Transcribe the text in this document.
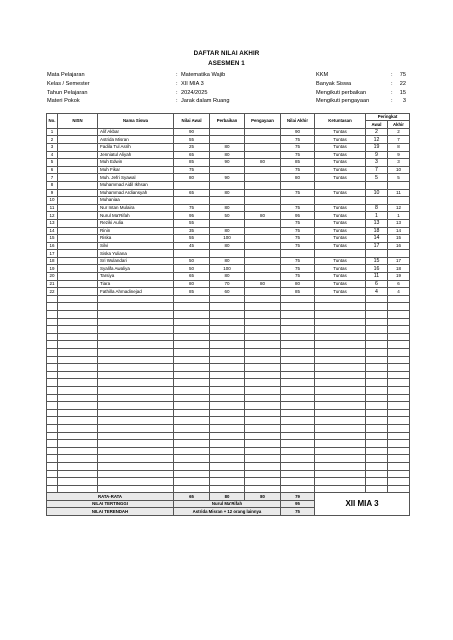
DAFTAR NILAI AKHIR
ASESMEN 1
Mata Pelajaran	: Matematika Wajib
Kelas / Semester	: XII MIA 3
Tahun Pelajaran	: 2024/2025
Materi Pokok	: Jarak dalam Ruang
KKM	: 75
Banyak Siswa	: 22
Mengikuti perbaikan	: 15
Mengikuti pengayaan	: 3
No.	NISN	Nama Siswa	Nilai Awal	Perbaikan	Pengayaan	Nilai Akhir	Ketuntasan	Peringkat	
								Awal	Akhir
1		Alif Akbar	90			90	Tuntas	2	2
2		Astrida Misran	55			75	Tuntas	12	7
3		Fadila Tul Asrih	25	80		75	Tuntas	19	8
4		Jenniatul Aliyah	65	80		75	Tuntas	9	9
5		Muh Edwin	85	90	80	85	Tuntas	3	3
6		Muh Fikar	75			75	Tuntas	7	10
7		Muh. Jefri Syawal	80	90		80	Tuntas	5	5
8		Muhammad Aidil Ikhsan							
9		Muhammad Ardiansyah	65	80		75	Tuntas	10	11
10		Muhaniaa							
11		Nur Intan Mulaira	75	80		75	Tuntas	8	12
12		Nurul Ma'Rifah	95	50	80	95	Tuntas	1	1
13		Reziki Aulia	55			75	Tuntas	13	13
14		Rinin	35	80		75	Tuntas	18	14
15		Riska	55	100		75	Tuntas	14	15
16		Silvi	45	80		75	Tuntas	17	16
17		Siska Yuliana							
18		Sri Wulandari	50	80		75	Tuntas	15	17
19		Syalifa Awaliya	50	100		75	Tuntas	16	18
20		Tarsiya	65	80		75	Tuntas	11	19
21		Tiara	80	70	80	80	Tuntas	6	6
22		Fathilla Ahmadinejad	85	60		85	Tuntas	4	4

RATA-RATA			65	80	80	79	XII MIA 3		
NILAI TERTINGGI			Nurul Ma'Rifah			95			
NILAI TERENDAH			Astrida Misran + 12 orang lainnya			75			
